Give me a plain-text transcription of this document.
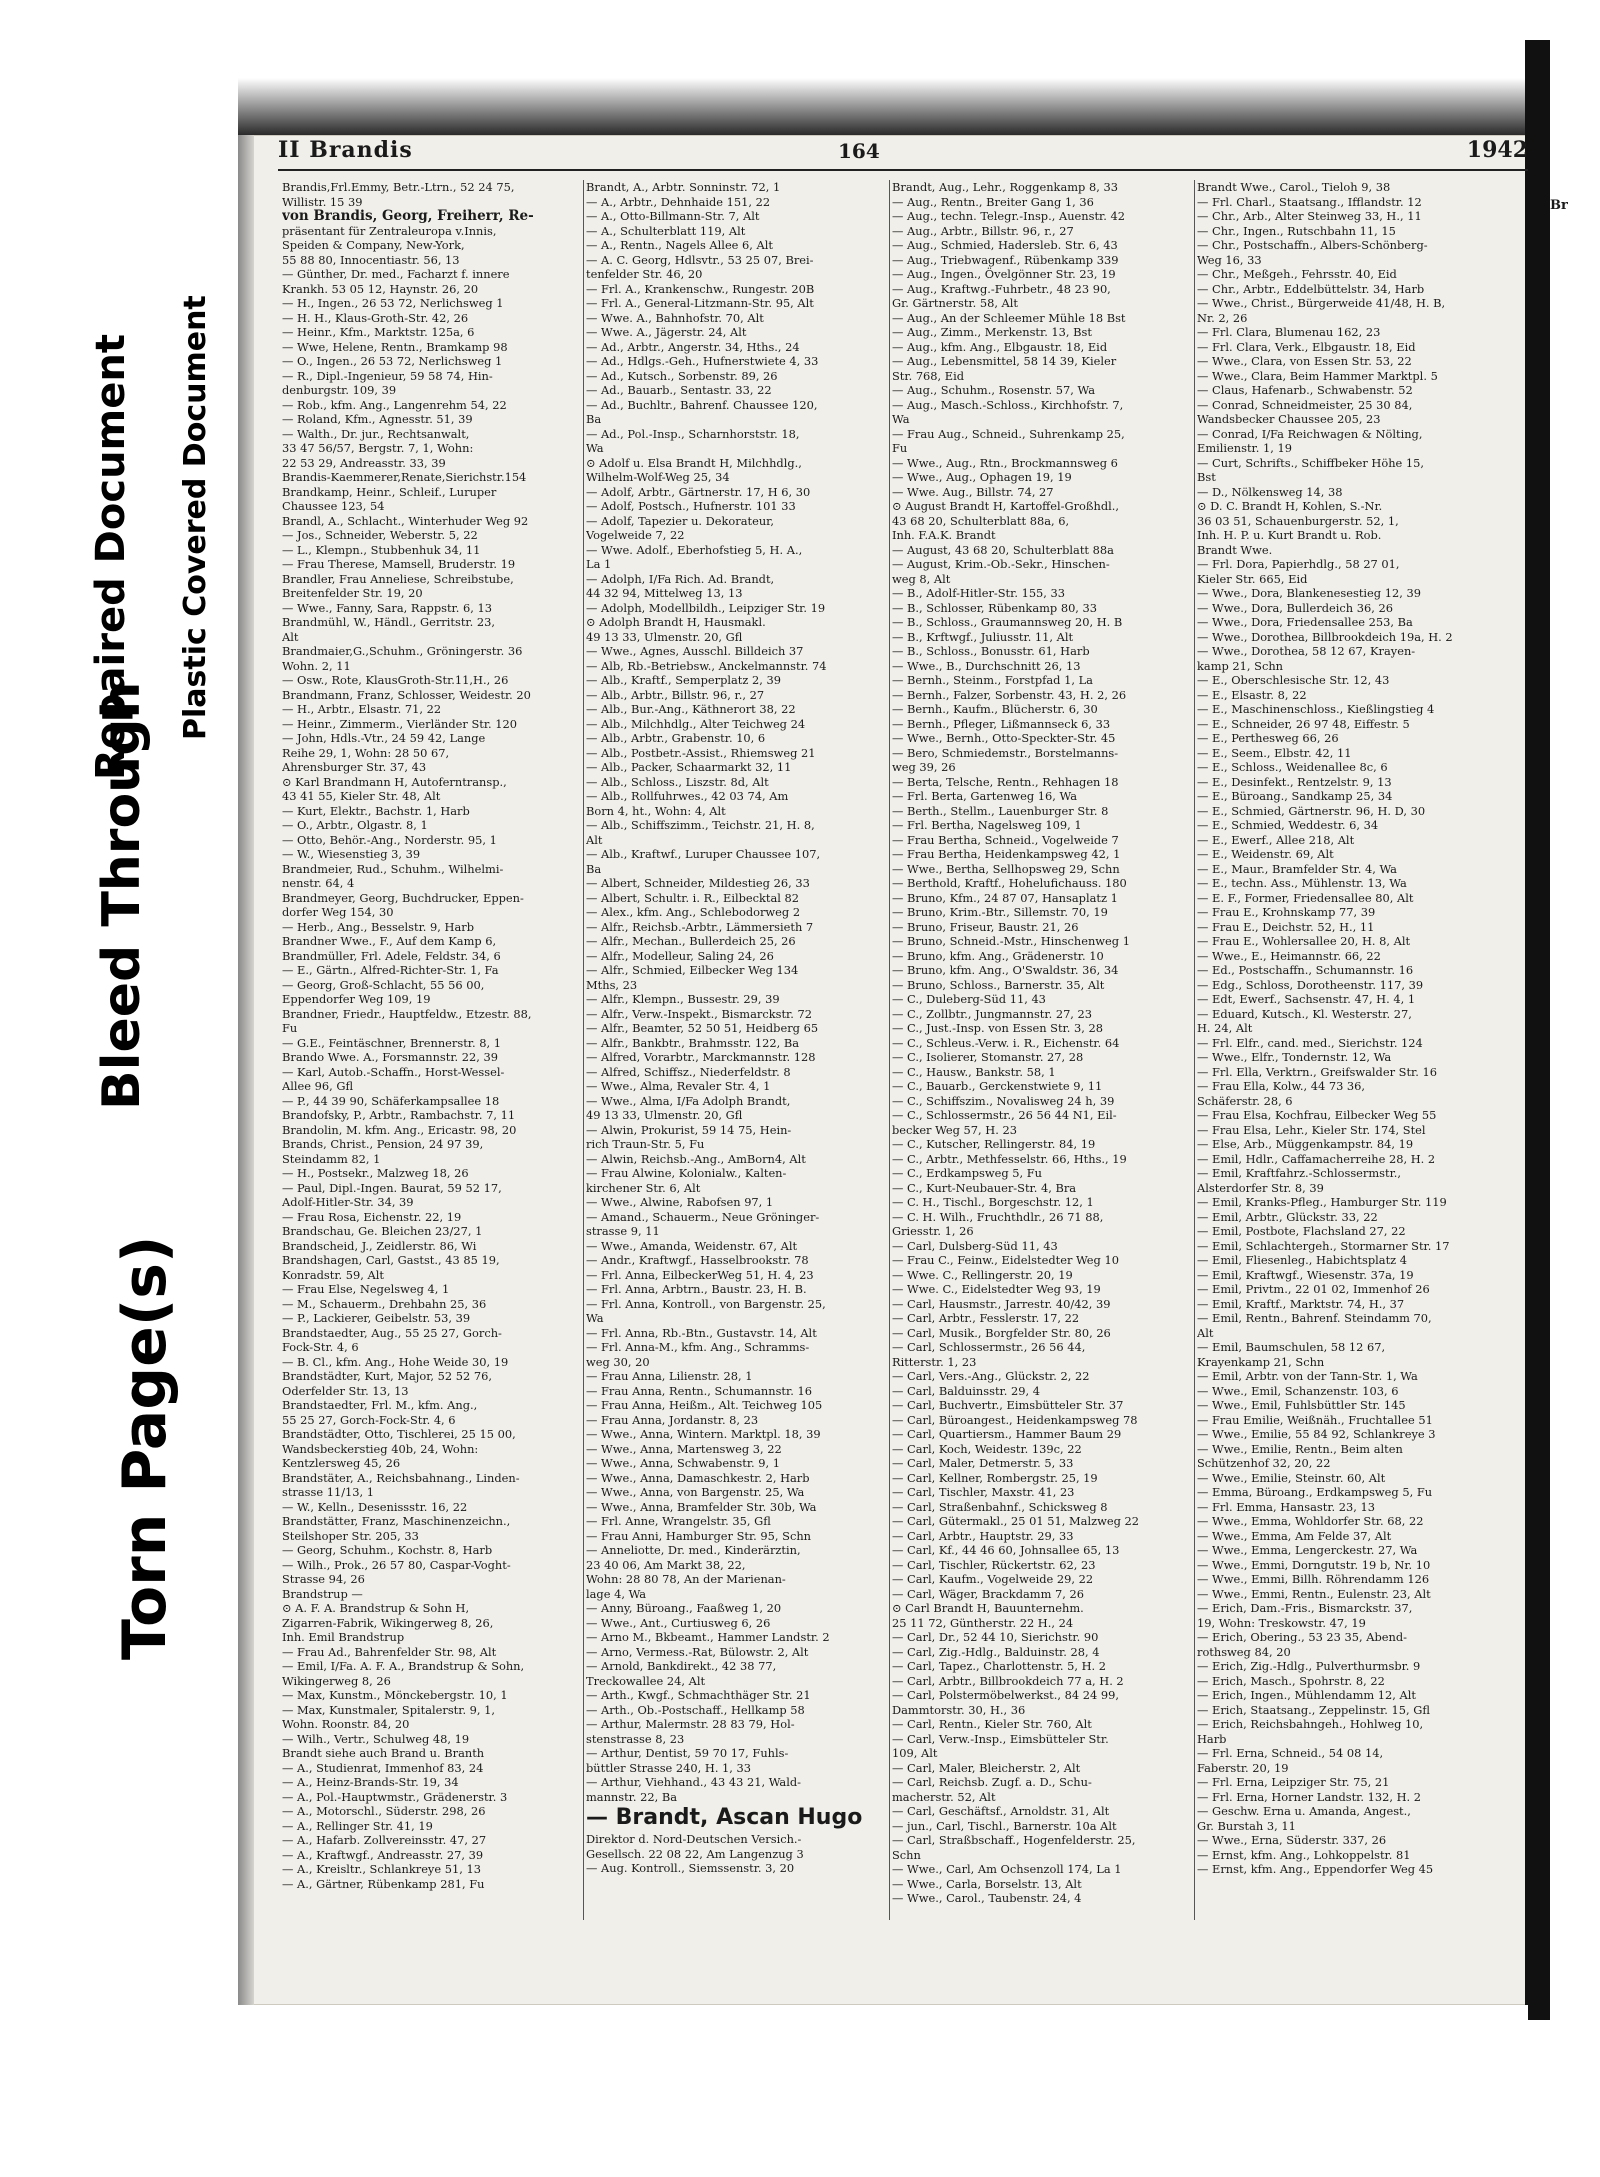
Br
Torn Page(s)
Bleed Through
Repaired Document Plastic Covered Document
II Brandis	164	1942
Brandis,Frl.Emmy, Betr.-Ltrn., 52 24 75,
Willistr. 15 39
von Brandis, Georg, Freiherr, Re-
präsentant für Zentraleuropa v.Innis,
Speiden & Company, New-York,
55 88 80, Innocentiastr. 56, 13
— Günther, Dr. med., Facharzt f. innere
Krankh. 53 05 12, Haynstr. 26, 20
— H., Ingen., 26 53 72, Nerlichsweg 1
— H. H., Klaus-Groth-Str. 42, 26
— Heinr., Kfm., Marktstr. 125a, 6
— Wwe, Helene, Rentn., Bramkamp 98
— O., Ingen., 26 53 72, Nerlichsweg 1
— R., Dipl.-Ingenieur, 59 58 74, Hin-
denburgstr. 109, 39
— Rob., kfm. Ang., Langenrehm 54, 22
— Roland, Kfm., Agnesstr. 51, 39
— Walth., Dr. jur., Rechtsanwalt,
33 47 56/57, Bergstr. 7, 1, Wohn:
22 53 29, Andreasstr. 33, 39
Brandis-Kaemmerer,Renate,Sierichstr.154
Brandkamp, Heinr., Schleif., Luruper
Chaussee 123, 54
Brandl, A., Schlacht., Winterhuder Weg 92
— Jos., Schneider, Weberstr. 5, 22
— L., Klempn., Stubbenhuk 34, 11
— Frau Therese, Mamsell, Bruderstr. 19
Brandler, Frau Anneliese, Schreibstube,
Breitenfelder Str. 19, 20
— Wwe., Fanny, Sara, Rappstr. 6, 13
Brandmühl, W., Händl., Gerritstr. 23,
Alt
Brandmaier,G.,Schuhm., Gröningerstr. 36
Wohn. 2, 11
— Osw., Rote, KlausGroth-Str.11,H., 26
Brandmann, Franz, Schlosser, Weidestr. 20
— H., Arbtr., Elsastr. 71, 22
— Heinr., Zimmerm., Vierländer Str. 120
— John, Hdls.-Vtr., 24 59 42, Lange
Reihe 29, 1, Wohn: 28 50 67,
Ahrensburger Str. 37, 43
⊙ Karl Brandmann H, Autoferntransp.,
43 41 55, Kieler Str. 48, Alt
— Kurt, Elektr., Bachstr. 1, Harb
— O., Arbtr., Olgastr. 8, 1
— Otto, Behör.-Ang., Norderstr. 95, 1
— W., Wiesenstieg 3, 39
Brandmeier, Rud., Schuhm., Wilhelmi-
nenstr. 64, 4
Brandmeyer, Georg, Buchdrucker, Eppen-
dorfer Weg 154, 30
— Herb., Ang., Besselstr. 9, Harb
Brandner Wwe., F., Auf dem Kamp 6,
Brandmüller, Frl. Adele, Feldstr. 34, 6
— E., Gärtn., Alfred-Richter-Str. 1, Fa
— Georg, Groß-Schlacht, 55 56 00,
Eppendorfer Weg 109, 19
Brandner, Friedr., Hauptfeldw., Etzestr. 88,
Fu
— G.E., Feintäschner, Brennerstr. 8, 1
Brando Wwe. A., Forsmannstr. 22, 39
— Karl, Autob.-Schaffn., Horst-Wessel-
Allee 96, Gfl
— P., 44 39 90, Schäferkampsallee 18
Brandofsky, P., Arbtr., Rambachstr. 7, 11
Brandolin, M. kfm. Ang., Ericastr. 98, 20
Brands, Christ., Pension, 24 97 39,
Steindamm 82, 1
— H., Postsekr., Malzweg 18, 26
— Paul, Dipl.-Ingen. Baurat, 59 52 17,
Adolf-Hitler-Str. 34, 39
— Frau Rosa, Eichenstr. 22, 19
Brandschau, Ge. Bleichen 23/27, 1
Brandscheid, J., Zeidlerstr. 86, Wi
Brandshagen, Carl, Gastst., 43 85 19,
Konradstr. 59, Alt
— Frau Else, Negelsweg 4, 1
— M., Schauerm., Drehbahn 25, 36
— P., Lackierer, Geibelstr. 53, 39
Brandstaedter, Aug., 55 25 27, Gorch-
Fock-Str. 4, 6
— B. Cl., kfm. Ang., Hohe Weide 30, 19
Brandstädter, Kurt, Major, 52 52 76,
Oderfelder Str. 13, 13
Brandstaedter, Frl. M., kfm. Ang.,
55 25 27, Gorch-Fock-Str. 4, 6
Brandstädter, Otto, Tischlerei, 25 15 00,
Wandsbeckerstieg 40b, 24, Wohn:
Kentzlersweg 45, 26
Brandstäter, A., Reichsbahnang., Linden-
strasse 11/13, 1
— W., Kelln., Desenissstr. 16, 22
Brandstätter, Franz, Maschinenzeichn.,
Steilshoper Str. 205, 33
— Georg, Schuhm., Kochstr. 8, Harb
— Wilh., Prok., 26 57 80, Caspar-Voght-
Strasse 94, 26
Brandstrup —
⊙ A. F. A. Brandstrup & Sohn H,
Zigarren-Fabrik, Wikingerweg 8, 26,
Inh. Emil Brandstrup
— Frau Ad., Bahrenfelder Str. 98, Alt
— Emil, I/Fa. A. F. A., Brandstrup & Sohn,
Wikingerweg 8, 26
— Max, Kunstm., Mönckebergstr. 10, 1
— Max, Kunstmaler, Spitalerstr. 9, 1,
Wohn. Roonstr. 84, 20
— Wilh., Vertr., Schulweg 48, 19
Brandt siehe auch Brand u. Branth
— A., Studienrat, Immenhof 83, 24
— A., Heinz-Brands-Str. 19, 34
— A., Pol.-Hauptwmstr., Grädenerstr. 3
— A., Motorschl., Süderstr. 298, 26
— A., Rellinger Str. 41, 19
— A., Hafarb. Zollvereinsstr. 47, 27
— A., Kraftwgf., Andreasstr. 27, 39
— A., Kreisltr., Schlankreye 51, 13
— A., Gärtner, Rübenkamp 281, Fu
Brandt, A., Arbtr. Sonninstr. 72, 1
— A., Arbtr., Dehnhaide 151, 22
— A., Otto-Billmann-Str. 7, Alt
— A., Schulterblatt 119, Alt
— A., Rentn., Nagels Allee 6, Alt
— A. C. Georg, Hdlsvtr., 53 25 07, Brei-
tenfelder Str. 46, 20
— Frl. A., Krankenschw., Rungestr. 20B
— Frl. A., General-Litzmann-Str. 95, Alt
— Wwe. A., Bahnhofstr. 70, Alt
— Wwe. A., Jägerstr. 24, Alt
— Ad., Arbtr., Angerstr. 34, Hths., 24
— Ad., Hdlgs.-Geh., Hufnerstwiete 4, 33
— Ad., Kutsch., Sorbenstr. 89, 26
— Ad., Bauarb., Sentastr. 33, 22
— Ad., Buchltr., Bahrenf. Chaussee 120,
Ba
— Ad., Pol.-Insp., Scharnhorststr. 18,
Wa
⊙ Adolf u. Elsa Brandt H, Milchhdlg.,
Wilhelm-Wolf-Weg 25, 34
— Adolf, Arbtr., Gärtnerstr. 17, H 6, 30
— Adolf, Postsch., Hufnerstr. 101 33
— Adolf, Tapezier u. Dekorateur,
Vogelweide 7, 22
— Wwe. Adolf., Eberhofstieg 5, H. A.,
La 1
— Adolph, I/Fa Rich. Ad. Brandt,
44 32 94, Mittelweg 13, 13
— Adolph, Modellbildh., Leipziger Str. 19
⊙ Adolph Brandt H, Hausmakl.
49 13 33, Ulmenstr. 20, Gfl
— Wwe., Agnes, Ausschl. Billdeich 37
— Alb, Rb.-Betriebsw., Anckelmannstr. 74
— Alb., Kraftf., Semperplatz 2, 39
— Alb., Arbtr., Billstr. 96, r., 27
— Alb., Bur.-Ang., Käthnerort 38, 22
— Alb., Milchhdlg., Alter Teichweg 24
— Alb., Arbtr., Grabenstr. 10, 6
— Alb., Postbetr.-Assist., Rhiemsweg 21
— Alb., Packer, Schaarmarkt 32, 11
— Alb., Schloss., Liszstr. 8d, Alt
— Alb., Rollfuhrwes., 42 03 74, Am
Born 4, ht., Wohn: 4, Alt
— Alb., Schiffszimm., Teichstr. 21, H. 8,
Alt
— Alb., Kraftwf., Luruper Chaussee 107,
Ba
— Albert, Schneider, Mildestieg 26, 33
— Albert, Schultr. i. R., Eilbecktal 82
— Alex., kfm. Ang., Schlebodorweg 2
— Alfr., Reichsb.-Arbtr., Lämmersieth 7
— Alfr., Mechan., Bullerdeich 25, 26
— Alfr., Modelleur, Saling 24, 26
— Alfr., Schmied, Eilbecker Weg 134
Mths, 23
— Alfr., Klempn., Bussestr. 29, 39
— Alfr., Verw.-Inspekt., Bismarckstr. 72
— Alfr., Beamter, 52 50 51, Heidberg 65
— Alfr., Bankbtr., Brahmsstr. 122, Ba
— Alfred, Vorarbtr., Marckmannstr. 128
— Alfred, Schiffsz., Niederfeldstr. 8
— Wwe., Alma, Revaler Str. 4, 1
— Wwe., Alma, I/Fa Adolph Brandt,
49 13 33, Ulmenstr. 20, Gfl
— Alwin, Prokurist, 59 14 75, Hein-
rich Traun-Str. 5, Fu
— Alwin, Reichsb.-Ang., AmBorn4, Alt
— Frau Alwine, Kolonialw., Kalten-
kirchener Str. 6, Alt
— Wwe., Alwine, Rabofsen 97, 1
— Amand., Schauerm., Neue Gröninger-
strasse 9, 11
— Wwe., Amanda, Weidenstr. 67, Alt
— Andr., Kraftwgf., Hasselbrookstr. 78
— Frl. Anna, EilbeckerWeg 51, H. 4, 23
— Frl. Anna, Arbtrn., Baustr. 23, H. B.
— Frl. Anna, Kontroll., von Bargenstr. 25,
Wa
— Frl. Anna, Rb.-Btn., Gustavstr. 14, Alt
— Frl. Anna-M., kfm. Ang., Schramms-
weg 30, 20
— Frau Anna, Lilienstr. 28, 1
— Frau Anna, Rentn., Schumannstr. 16
— Frau Anna, Heißm., Alt. Teichweg 105
— Frau Anna, Jordanstr. 8, 23
— Wwe., Anna, Wintern. Marktpl. 18, 39
— Wwe., Anna, Martensweg 3, 22
— Wwe., Anna, Schwabenstr. 9, 1
— Wwe., Anna, Damaschkestr. 2, Harb
— Wwe., Anna, von Bargenstr. 25, Wa
— Wwe., Anna, Bramfelder Str. 30b, Wa
— Frl. Anne, Wrangelstr. 35, Gfl
— Frau Anni, Hamburger Str. 95, Schn
— Anneliotte, Dr. med., Kinderärztin,
23 40 06, Am Markt 38, 22,
Wohn: 28 80 78, An der Marienan-
lage 4, Wa
— Anny, Büroang., Faaßweg 1, 20
— Wwe., Ant., Curtiusweg 6, 26
— Arno M., Bkbeamt., Hammer Landstr. 2
— Arno, Vermess.-Rat, Bülowstr. 2, Alt
— Arnold, Bankdirekt., 42 38 77,
Treckowallee 24, Alt
— Arth., Kwgf., Schmachthäger Str. 21
— Arth., Ob.-Postschaff., Hellkamp 58
— Arthur, Malermstr. 28 83 79, Hol-
stenstrasse 8, 23
— Arthur, Dentist, 59 70 17, Fuhls-
büttler Strasse 240, H. 1, 33
— Arthur, Viehhand., 43 43 21, Wald-
mannstr. 22, Ba
— Brandt, Ascan Hugo
Direktor d. Nord-Deutschen Versich.-
Gesellsch. 22 08 22, Am Langenzug 3
— Aug. Kontroll., Siemssenstr. 3, 20
Brandt, Aug., Lehr., Roggenkamp 8, 33
— Aug., Rentn., Breiter Gang 1, 36
— Aug., techn. Telegr.-Insp., Auenstr. 42
— Aug., Arbtr., Billstr. 96, r., 27
— Aug., Schmied, Hadersleb. Str. 6, 43
— Aug., Triebwagenf., Rübenkamp 339
— Aug., Ingen., Övelgönner Str. 23, 19
— Aug., Kraftwg.-Fuhrbetr., 48 23 90,
Gr. Gärtnerstr. 58, Alt
— Aug., An der Schleemer Mühle 18 Bst
— Aug., Zimm., Merkenstr. 13, Bst
— Aug., kfm. Ang., Elbgaustr. 18, Eid
— Aug., Lebensmittel, 58 14 39, Kieler
Str. 768, Eid
— Aug., Schuhm., Rosenstr. 57, Wa
— Aug., Masch.-Schloss., Kirchhofstr. 7,
Wa
— Frau Aug., Schneid., Suhrenkamp 25,
Fu
— Wwe., Aug., Rtn., Brockmannsweg 6
— Wwe., Aug., Ophagen 19, 19
— Wwe. Aug., Billstr. 74, 27
⊙ August Brandt H, Kartoffel-Großhdl.,
43 68 20, Schulterblatt 88a, 6,
Inh. F.A.K. Brandt
— August, 43 68 20, Schulterblatt 88a
— August, Krim.-Ob.-Sekr., Hinschen-
weg 8, Alt
— B., Adolf-Hitler-Str. 155, 33
— B., Schlosser, Rübenkamp 80, 33
— B., Schloss., Graumannsweg 20, H. B
— B., Krftwgf., Juliusstr. 11, Alt
— B., Schloss., Bonusstr. 61, Harb
— Wwe., B., Durchschnitt 26, 13
— Bernh., Steinm., Forstpfad 1, La
— Bernh., Falzer, Sorbenstr. 43, H. 2, 26
— Bernh., Kaufm., Blücherstr. 6, 30
— Bernh., Pfleger, Lißmannseck 6, 33
— Wwe., Bernh., Otto-Speckter-Str. 45
— Bero, Schmiedemstr., Borstelmanns-
weg 39, 26
— Berta, Telsche, Rentn., Rehhagen 18
— Frl. Berta, Gartenweg 16, Wa
— Berth., Stellm., Lauenburger Str. 8
— Frl. Bertha, Nagelsweg 109, 1
— Frau Bertha, Schneid., Vogelweide 7
— Frau Bertha, Heidenkampsweg 42, 1
— Wwe., Bertha, Sellhopsweg 29, Schn
— Berthold, Kraftf., Hohelufichauss. 180
— Bruno, Kfm., 24 87 07, Hansaplatz 1
— Bruno, Krim.-Btr., Sillemstr. 70, 19
— Bruno, Friseur, Baustr. 21, 26
— Bruno, Schneid.-Mstr., Hinschenweg 1
— Bruno, kfm. Ang., Grädenerstr. 10
— Bruno, kfm. Ang., O'Swaldstr. 36, 34
— Bruno, Schloss., Barnerstr. 35, Alt
— C., Duleberg-Süd 11, 43
— C., Zollbtr., Jungmannstr. 27, 23
— C., Just.-Insp. von Essen Str. 3, 28
— C., Schleus.-Verw. i. R., Eichenstr. 64
— C., Isolierer, Stomanstr. 27, 28
— C., Hausw., Bankstr. 58, 1
— C., Bauarb., Gerckenstwiete 9, 11
— C., Schiffszim., Novalisweg 24 h, 39
— C., Schlossermstr., 26 56 44 N1, Eil-
becker Weg 57, H. 23
— C., Kutscher, Rellingerstr. 84, 19
— C., Arbtr., Methfesselstr. 66, Hths., 19
— C., Erdkampsweg 5, Fu
— C., Kurt-Neubauer-Str. 4, Bra
— C. H., Tischl., Borgeschstr. 12, 1
— C. H. Wilh., Fruchthdlr., 26 71 88,
Griesstr. 1, 26
— Carl, Dulsberg-Süd 11, 43
— Frau C., Feinw., Eidelstedter Weg 10
— Wwe. C., Rellingerstr. 20, 19
— Wwe. C., Eidelstedter Weg 93, 19
— Carl, Hausmstr., Jarrestr. 40/42, 39
— Carl, Arbtr., Fesslerstr. 17, 22
— Carl, Musik., Borgfelder Str. 80, 26
— Carl, Schlossermstr., 26 56 44,
Ritterstr. 1, 23
— Carl, Vers.-Ang., Glückstr. 2, 22
— Carl, Balduinsstr. 29, 4
— Carl, Buchvertr., Eimsbütteler Str. 37
— Carl, Büroangest., Heidenkampsweg 78
— Carl, Quartiersm., Hammer Baum 29
— Carl, Koch, Weidestr. 139c, 22
— Carl, Maler, Detmerstr. 5, 33
— Carl, Kellner, Rombergstr. 25, 19
— Carl, Tischler, Maxstr. 41, 23
— Carl, Straßenbahnf., Schicksweg 8
— Carl, Gütermakl., 25 01 51, Malzweg 22
— Carl, Arbtr., Hauptstr. 29, 33
— Carl, Kf., 44 46 60, Johnsallee 65, 13
— Carl, Tischler, Rückertstr. 62, 23
— Carl, Kaufm., Vogelweide 29, 22
— Carl, Wäger, Brackdamm 7, 26
⊙ Carl Brandt H, Bauunternehm.
25 11 72, Güntherstr. 22 H., 24
— Carl, Dr., 52 44 10, Sierichstr. 90
— Carl, Zig.-Hdlg., Balduinstr. 28, 4
— Carl, Tapez., Charlottenstr. 5, H. 2
— Carl, Arbtr., Billbrookdeich 77 a, H. 2
— Carl, Polstermöbelwerkst., 84 24 99,
Dammtorstr. 30, H., 36
— Carl, Rentn., Kieler Str. 760, Alt
— Carl, Verw.-Insp., Eimsbütteler Str.
109, Alt
— Carl, Maler, Bleicherstr. 2, Alt
— Carl, Reichsb. Zugf. a. D., Schu-
macherstr. 52, Alt
— Carl, Geschäftsf., Arnoldstr. 31, Alt
— jun., Carl, Tischl., Barnerstr. 10a Alt
— Carl, Straßbschaff., Hogenfelderstr. 25,
Schn
— Wwe., Carl, Am Ochsenzoll 174, La 1
— Wwe., Carla, Borselstr. 13, Alt
— Wwe., Carol., Taubenstr. 24, 4
Brandt Wwe., Carol., Tieloh 9, 38
— Frl. Charl., Staatsang., Ifflandstr. 12
— Chr., Arb., Alter Steinweg 33, H., 11
— Chr., Ingen., Rutschbahn 11, 15
— Chr., Postschaffn., Albers-Schönberg-
Weg 16, 33
— Chr., Meßgeh., Fehrsstr. 40, Eid
— Chr., Arbtr., Eddelbüttelstr. 34, Harb
— Wwe., Christ., Bürgerweide 41/48, H. B,
Nr. 2, 26
— Frl. Clara, Blumenau 162, 23
— Frl. Clara, Verk., Elbgaustr. 18, Eid
— Wwe., Clara, von Essen Str. 53, 22
— Wwe., Clara, Beim Hammer Marktpl. 5
— Claus, Hafenarb., Schwabenstr. 52
— Conrad, Schneidmeister, 25 30 84,
Wandsbecker Chaussee 205, 23
— Conrad, I/Fa Reichwagen & Nölting,
Emilienstr. 1, 19
— Curt, Schrifts., Schiffbeker Höhe 15,
Bst
— D., Nölkensweg 14, 38
⊙ D. C. Brandt H, Kohlen, S.-Nr.
36 03 51, Schauenburgerstr. 52, 1,
Inh. H. P. u. Kurt Brandt u. Rob.
Brandt Wwe.
— Frl. Dora, Papierhdlg., 58 27 01,
Kieler Str. 665, Eid
— Wwe., Dora, Blankenesestieg 12, 39
— Wwe., Dora, Bullerdeich 36, 26
— Wwe., Dora, Friedensallee 253, Ba
— Wwe., Dorothea, Billbrookdeich 19a, H. 2
— Wwe., Dorothea, 58 12 67, Krayen-
kamp 21, Schn
— E., Oberschlesische Str. 12, 43
— E., Elsastr. 8, 22
— E., Maschinenschloss., Kießlingstieg 4
— E., Schneider, 26 97 48, Eiffestr. 5
— E., Perthesweg 66, 26
— E., Seem., Elbstr. 42, 11
— E., Schloss., Weidenallee 8c, 6
— E., Desinfekt., Rentzelstr. 9, 13
— E., Büroang., Sandkamp 25, 34
— E., Schmied, Gärtnerstr. 96, H. D, 30
— E., Schmied, Weddestr. 6, 34
— E., Ewerf., Allee 218, Alt
— E., Weidenstr. 69, Alt
— E., Maur., Bramfelder Str. 4, Wa
— E., techn. Ass., Mühlenstr. 13, Wa
— E. F., Former, Friedensallee 80, Alt
— Frau E., Krohnskamp 77, 39
— Frau E., Deichstr. 52, H., 11
— Frau E., Wohlersallee 20, H. 8, Alt
— Wwe., E., Heimannstr. 66, 22
— Ed., Postschaffn., Schumannstr. 16
— Edg., Schloss, Dorotheenstr. 117, 39
— Edt, Ewerf., Sachsenstr. 47, H. 4, 1
— Eduard, Kutsch., Kl. Westerstr. 27,
H. 24, Alt
— Frl. Elfr., cand. med., Sierichstr. 124
— Wwe., Elfr., Tondernstr. 12, Wa
— Frl. Ella, Verktrn., Greifswalder Str. 16
— Frau Ella, Kolw., 44 73 36,
Schäferstr. 28, 6
— Frau Elsa, Kochfrau, Eilbecker Weg 55
— Frau Elsa, Lehr., Kieler Str. 174, Stel
— Else, Arb., Müggenkampstr. 84, 19
— Emil, Hdlr., Caffamacherreihe 28, H. 2
— Emil, Kraftfahrz.-Schlossermstr.,
Alsterdorfer Str. 8, 39
— Emil, Kranks-Pfleg., Hamburger Str. 119
— Emil, Arbtr., Glückstr. 33, 22
— Emil, Postbote, Flachsland 27, 22
— Emil, Schlachtergeh., Stormarner Str. 17
— Emil, Fliesenleg., Habichtsplatz 4
— Emil, Kraftwgf., Wiesenstr. 37a, 19
— Emil, Privtm., 22 01 02, Immenhof 26
— Emil, Kraftf., Marktstr. 74, H., 37
— Emil, Rentn., Bahrenf. Steindamm 70,
Alt
— Emil, Baumschulen, 58 12 67,
Krayenkamp 21, Schn
— Emil, Arbtr. von der Tann-Str. 1, Wa
— Wwe., Emil, Schanzenstr. 103, 6
— Wwe., Emil, Fuhlsbüttler Str. 145
— Frau Emilie, Weißnäh., Fruchtallee 51
— Wwe., Emilie, 55 84 92, Schlankreye 3
— Wwe., Emilie, Rentn., Beim alten
Schützenhof 32, 20, 22
— Wwe., Emilie, Steinstr. 60, Alt
— Emma, Büroang., Erdkampsweg 5, Fu
— Frl. Emma, Hansastr. 23, 13
— Wwe., Emma, Wohldorfer Str. 68, 22
— Wwe., Emma, Am Felde 37, Alt
— Wwe., Emma, Lengerckestr. 27, Wa
— Wwe., Emmi, Dorngutstr. 19 b, Nr. 10
— Wwe., Emmi, Billh. Röhrendamm 126
— Wwe., Emmi, Rentn., Eulenstr. 23, Alt
— Erich, Dam.-Fris., Bismarckstr. 37,
19, Wohn: Treskowstr. 47, 19
— Erich, Obering., 53 23 35, Abend-
rothsweg 84, 20
— Erich, Zig.-Hdlg., Pulverthurmsbr. 9
— Erich, Masch., Spohrstr. 8, 22
— Erich, Ingen., Mühlendamm 12, Alt
— Erich, Staatsang., Zeppelinstr. 15, Gfl
— Erich, Reichsbahngeh., Hohlweg 10,
Harb
— Frl. Erna, Schneid., 54 08 14,
Faberstr. 20, 19
— Frl. Erna, Leipziger Str. 75, 21
— Frl. Erna, Horner Landstr. 132, H. 2
— Geschw. Erna u. Amanda, Angest.,
Gr. Burstah 3, 11
— Wwe., Erna, Süderstr. 337, 26
— Ernst, kfm. Ang., Lohkoppelstr. 81
— Ernst, kfm. Ang., Eppendorfer Weg 45
